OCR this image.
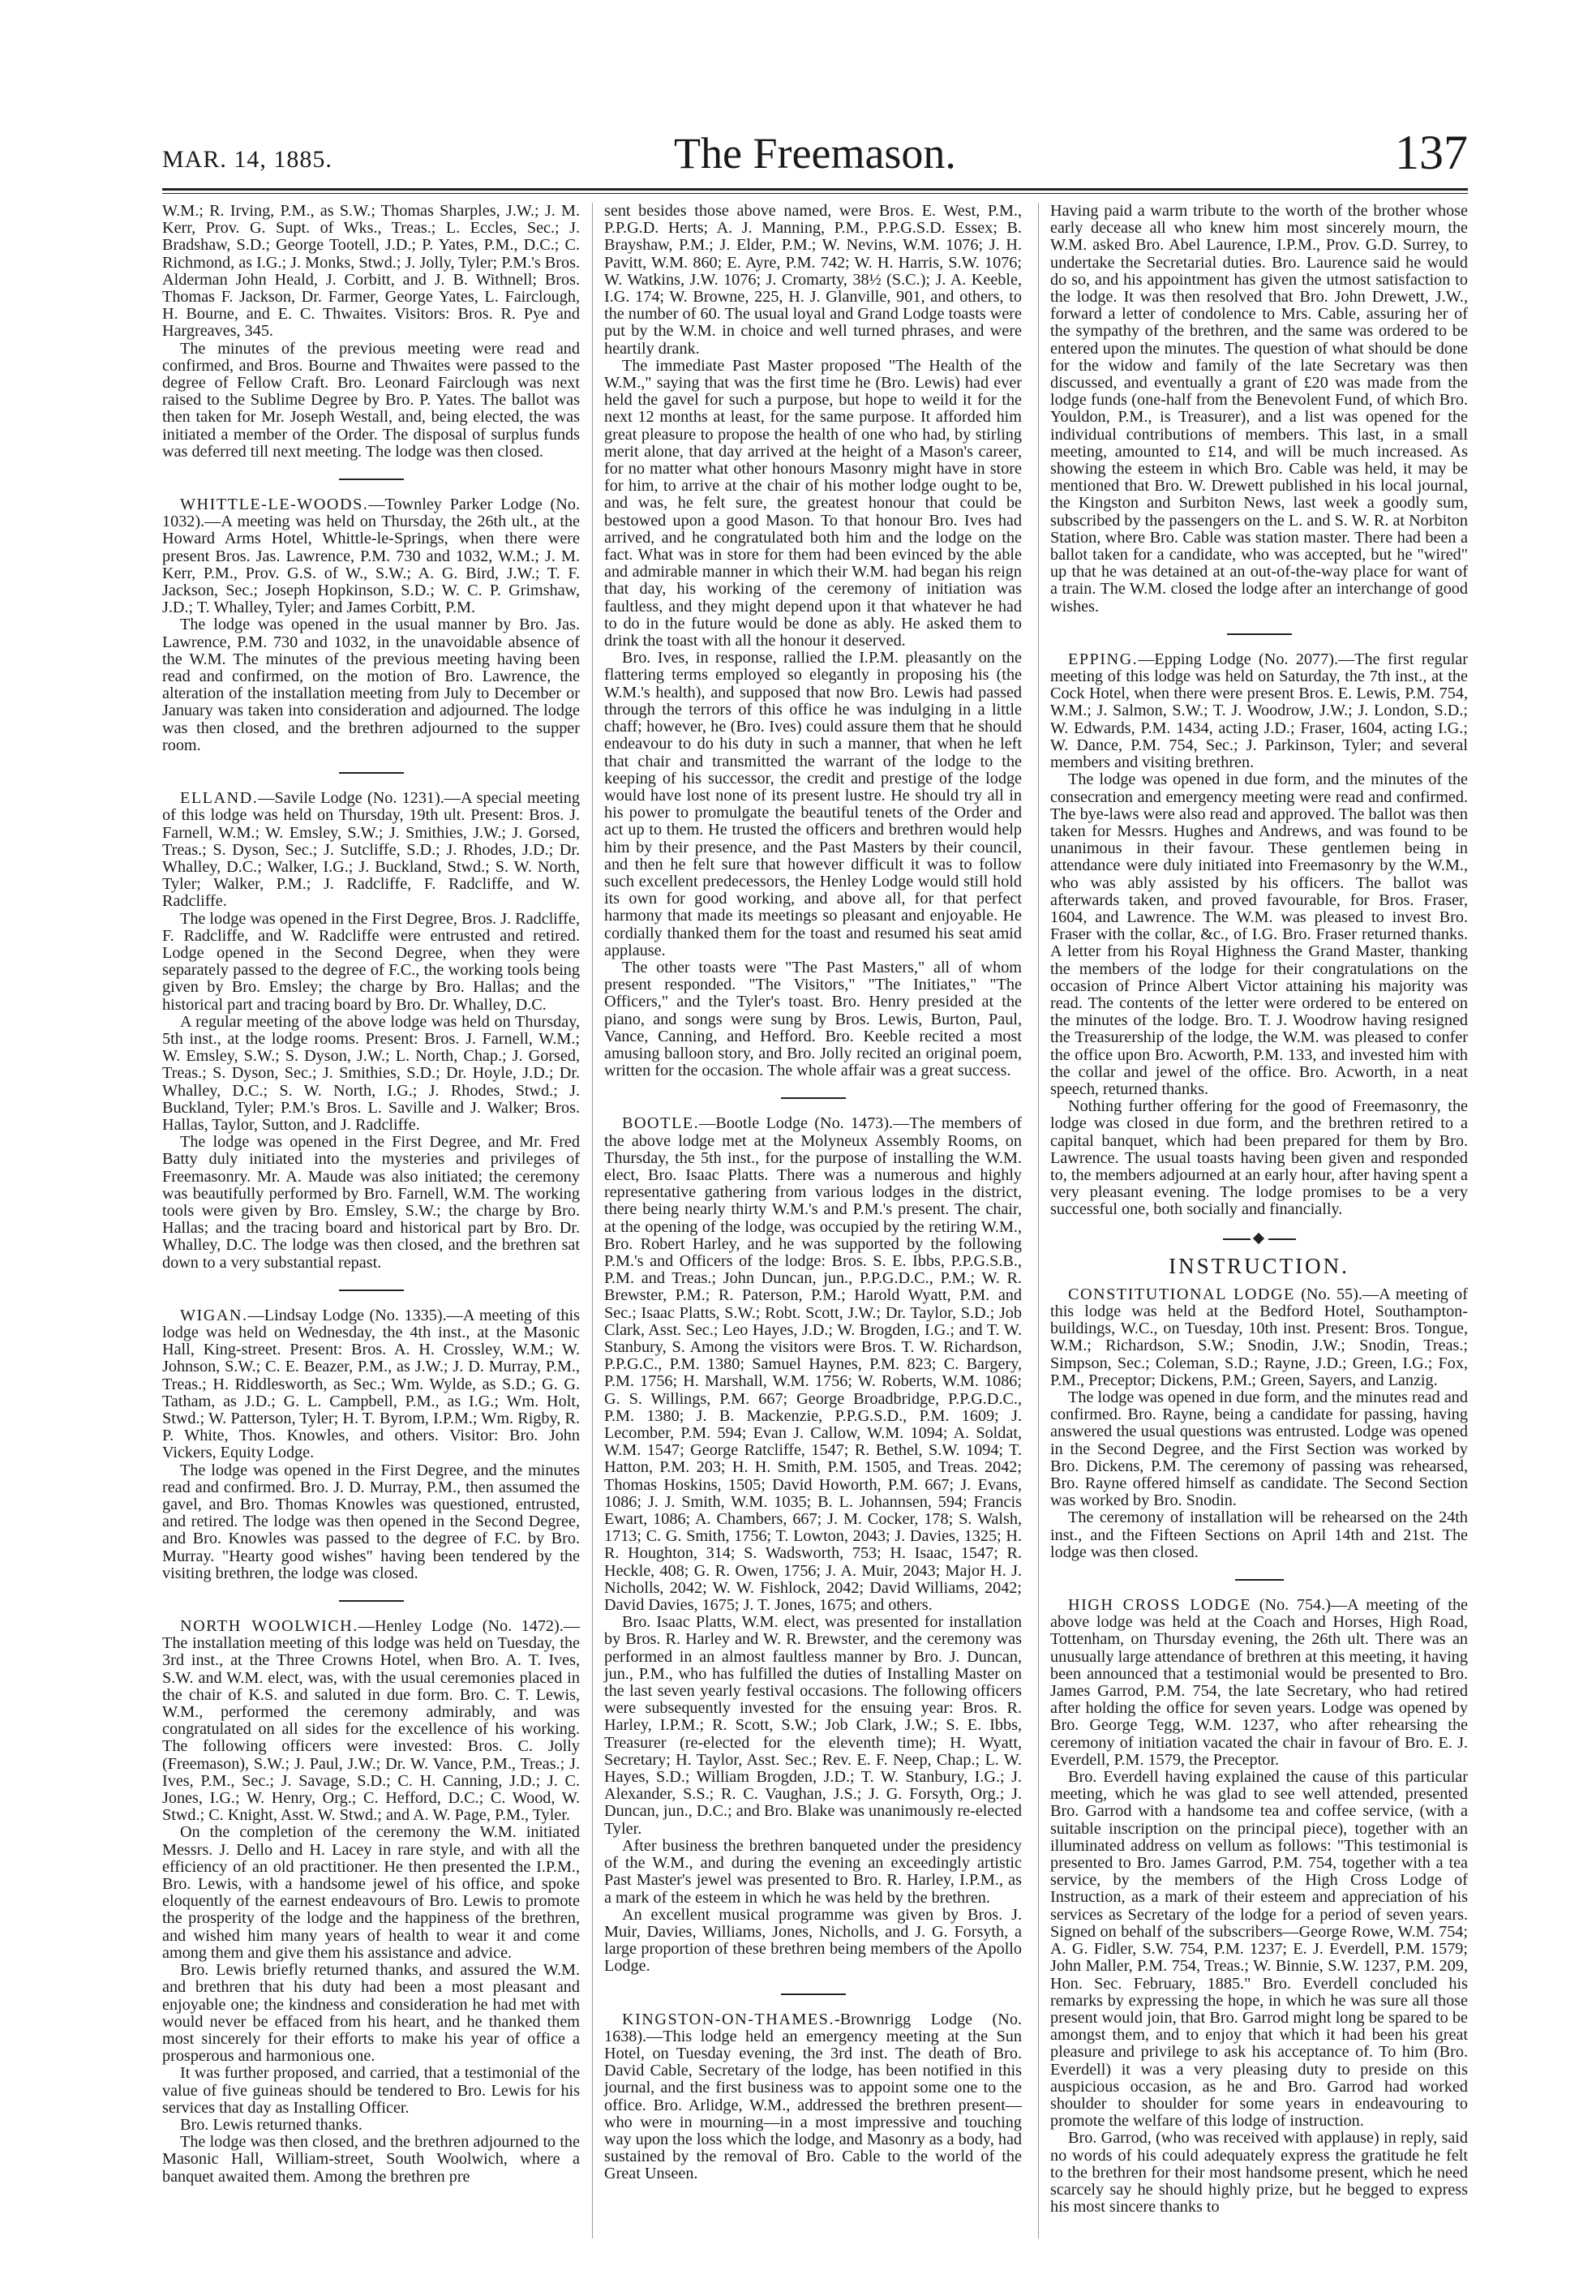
MAR. 14, 1885.	The Freemason.	137

W.M.; R. Irving, P.M., as S.W.; Thomas Sharples, J.W.; J. M. Kerr, Prov. G. Supt. of Wks., Treas.; L. Eccles, Sec.; J. Bradshaw, S.D.; George Tootell, J.D.; P. Yates, P.M., D.C.; C. Richmond, as I.G.; J. Monks, Stwd.; J. Jolly, Tyler; P.M.'s Bros. Alderman John Heald, J. Corbitt, and J. B. Withnell; Bros. Thomas F. Jackson, Dr. Farmer, George Yates, L. Fairclough, H. Bourne, and E. C. Thwaites. Visitors: Bros. R. Pye and Hargreaves, 345.

The minutes of the previous meeting were read and confirmed, and Bros. Bourne and Thwaites were passed to the degree of Fellow Craft. Bro. Leonard Fairclough was next raised to the Sublime Degree by Bro. P. Yates. The ballot was then taken for Mr. Joseph Westall, and, being elected, the was initiated a member of the Order. The disposal of surplus funds was deferred till next meeting. The lodge was then closed.

WHITTLE-LE-WOODS.—Townley Parker Lodge (No. 1032).—A meeting was held on Thursday, the 26th ult., at the Howard Arms Hotel, Whittle-le-Springs, when there were present Bros. Jas. Lawrence, P.M. 730 and 1032, W.M.; J. M. Kerr, P.M., Prov. G.S. of W., S.W.; A. G. Bird, J.W.; T. F. Jackson, Sec.; Joseph Hopkinson, S.D.; W. C. P. Grimshaw, J.D.; T. Whalley, Tyler; and James Corbitt, P.M.

The lodge was opened in the usual manner by Bro. Jas. Lawrence, P.M. 730 and 1032, in the unavoidable absence of the W.M. The minutes of the previous meeting having been read and confirmed, on the motion of Bro. Lawrence, the alteration of the installation meeting from July to December or January was taken into consideration and adjourned. The lodge was then closed, and the brethren adjourned to the supper room.

ELLAND.—Savile Lodge (No. 1231).—A special meeting of this lodge was held on Thursday, 19th ult. Present: Bros. J. Farnell, W.M.; W. Emsley, S.W.; J. Smithies, J.W.; J. Gorsed, Treas.; S. Dyson, Sec.; J. Sutcliffe, S.D.; J. Rhodes, J.D.; Dr. Whalley, D.C.; Walker, I.G.; J. Buckland, Stwd.; S. W. North, Tyler; Walker, P.M.; J. Radcliffe, F. Radcliffe, and W. Radcliffe.

The lodge was opened in the First Degree, Bros. J. Radcliffe, F. Radcliffe, and W. Radcliffe were entrusted and retired. Lodge opened in the Second Degree, when they were separately passed to the degree of F.C., the working tools being given by Bro. Emsley; the charge by Bro. Hallas; and the historical part and tracing board by Bro. Dr. Whalley, D.C.

A regular meeting of the above lodge was held on Thursday, 5th inst., at the lodge rooms. Present: Bros. J. Farnell, W.M.; W. Emsley, S.W.; S. Dyson, J.W.; L. North, Chap.; J. Gorsed, Treas.; S. Dyson, Sec.; J. Smithies, S.D.; Dr. Hoyle, J.D.; Dr. Whalley, D.C.; S. W. North, I.G.; J. Rhodes, Stwd.; J. Buckland, Tyler; P.M.'s Bros. L. Saville and J. Walker; Bros. Hallas, Taylor, Sutton, and J. Radcliffe.

The lodge was opened in the First Degree, and Mr. Fred Batty duly initiated into the mysteries and privileges of Freemasonry. Mr. A. Maude was also initiated; the ceremony was beautifully performed by Bro. Farnell, W.M. The working tools were given by Bro. Emsley, S.W.; the charge by Bro. Hallas; and the tracing board and historical part by Bro. Dr. Whalley, D.C. The lodge was then closed, and the brethren sat down to a very substantial repast.

WIGAN.—Lindsay Lodge (No. 1335).—A meeting of this lodge was held on Wednesday, the 4th inst., at the Masonic Hall, King-street. Present: Bros. A. H. Crossley, W.M.; W. Johnson, S.W.; C. E. Beazer, P.M., as J.W.; J. D. Murray, P.M., Treas.; H. Riddlesworth, as Sec.; Wm. Wylde, as S.D.; G. G. Tatham, as J.D.; G. L. Campbell, P.M., as I.G.; Wm. Holt, Stwd.; W. Patterson, Tyler; H. T. Byrom, I.P.M.; Wm. Rigby, R. P. White, Thos. Knowles, and others. Visitor: Bro. John Vickers, Equity Lodge.

The lodge was opened in the First Degree, and the minutes read and confirmed. Bro. J. D. Murray, P.M., then assumed the gavel, and Bro. Thomas Knowles was questioned, entrusted, and retired. The lodge was then opened in the Second Degree, and Bro. Knowles was passed to the degree of F.C. by Bro. Murray. "Hearty good wishes" having been tendered by the visiting brethren, the lodge was closed.

NORTH WOOLWICH.—Henley Lodge (No. 1472).—The installation meeting of this lodge was held on Tuesday, the 3rd inst., at the Three Crowns Hotel, when Bro. A. T. Ives, S.W. and W.M. elect, was, with the usual ceremonies placed in the chair of K.S. and saluted in due form. Bro. C. T. Lewis, W.M., performed the ceremony admirably, and was congratulated on all sides for the excellence of his working. The following officers were invested: Bros. C. Jolly (Freemason), S.W.; J. Paul, J.W.; Dr. W. Vance, P.M., Treas.; J. Ives, P.M., Sec.; J. Savage, S.D.; C. H. Canning, J.D.; J. C. Jones, I.G.; W. Henry, Org.; C. Hefford, D.C.; C. Wood, W. Stwd.; C. Knight, Asst. W. Stwd.; and A. W. Page, P.M., Tyler.

On the completion of the ceremony the W.M. initiated Messrs. J. Dello and H. Lacey in rare style, and with all the efficiency of an old practitioner. He then presented the I.P.M., Bro. Lewis, with a handsome jewel of his office, and spoke eloquently of the earnest endeavours of Bro. Lewis to promote the prosperity of the lodge and the happiness of the brethren, and wished him many years of health to wear it and come among them and give them his assistance and advice.

Bro. Lewis briefly returned thanks, and assured the W.M. and brethren that his duty had been a most pleasant and enjoyable one; the kindness and consideration he had met with would never be effaced from his heart, and he thanked them most sincerely for their efforts to make his year of office a prosperous and harmonious one.

It was further proposed, and carried, that a testimonial of the value of five guineas should be tendered to Bro. Lewis for his services that day as Installing Officer.

Bro. Lewis returned thanks.

The lodge was then closed, and the brethren adjourned to the Masonic Hall, William-street, South Woolwich, where a banquet awaited them. Among the brethren pre

sent besides those above named, were Bros. E. West, P.M., P.P.G.D. Herts; A. J. Manning, P.M., P.P.G.S.D. Essex; B. Brayshaw, P.M.; J. Elder, P.M.; W. Nevins, W.M. 1076; J. H. Pavitt, W.M. 860; E. Ayre, P.M. 742; W. H. Harris, S.W. 1076; W. Watkins, J.W. 1076; J. Cromarty, 38½ (S.C.); J. A. Keeble, I.G. 174; W. Browne, 225, H. J. Glanville, 901, and others, to the number of 60. The usual loyal and Grand Lodge toasts were put by the W.M. in choice and well turned phrases, and were heartily drank.

The immediate Past Master proposed "The Health of the W.M.," saying that was the first time he (Bro. Lewis) had ever held the gavel for such a purpose, but hope to weild it for the next 12 months at least, for the same purpose. It afforded him great pleasure to propose the health of one who had, by stirling merit alone, that day arrived at the height of a Mason's career, for no matter what other honours Masonry might have in store for him, to arrive at the chair of his mother lodge ought to be, and was, he felt sure, the greatest honour that could be bestowed upon a good Mason. To that honour Bro. Ives had arrived, and he congratulated both him and the lodge on the fact. What was in store for them had been evinced by the able and admirable manner in which their W.M. had began his reign that day, his working of the ceremony of initiation was faultless, and they might depend upon it that whatever he had to do in the future would be done as ably. He asked them to drink the toast with all the honour it deserved.

Bro. Ives, in response, rallied the I.P.M. pleasantly on the flattering terms employed so elegantly in proposing his (the W.M.'s health), and supposed that now Bro. Lewis had passed through the terrors of this office he was indulging in a little chaff; however, he (Bro. Ives) could assure them that he should endeavour to do his duty in such a manner, that when he left that chair and transmitted the warrant of the lodge to the keeping of his successor, the credit and prestige of the lodge would have lost none of its present lustre. He should try all in his power to promulgate the beautiful tenets of the Order and act up to them. He trusted the officers and brethren would help him by their presence, and the Past Masters by their council, and then he felt sure that however difficult it was to follow such excellent predecessors, the Henley Lodge would still hold its own for good working, and above all, for that perfect harmony that made its meetings so pleasant and enjoyable. He cordially thanked them for the toast and resumed his seat amid applause.

The other toasts were "The Past Masters," all of whom present responded. "The Visitors," "The Initiates," "The Officers," and the Tyler's toast. Bro. Henry presided at the piano, and songs were sung by Bros. Lewis, Burton, Paul, Vance, Canning, and Hefford. Bro. Keeble recited a most amusing balloon story, and Bro. Jolly recited an original poem, written for the occasion. The whole affair was a great success.

BOOTLE.—Bootle Lodge (No. 1473).—The members of the above lodge met at the Molyneux Assembly Rooms, on Thursday, the 5th inst., for the purpose of installing the W.M. elect, Bro. Isaac Platts. There was a numerous and highly representative gathering from various lodges in the district, there being nearly thirty W.M.'s and P.M.'s present. The chair, at the opening of the lodge, was occupied by the retiring W.M., Bro. Robert Harley, and he was supported by the following P.M.'s and Officers of the lodge: Bros. S. E. Ibbs, P.P.G.S.B., P.M. and Treas.; John Duncan, jun., P.P.G.D.C., P.M.; W. R. Brewster, P.M.; R. Paterson, P.M.; Harold Wyatt, P.M. and Sec.; Isaac Platts, S.W.; Robt. Scott, J.W.; Dr. Taylor, S.D.; Job Clark, Asst. Sec.; Leo Hayes, J.D.; W. Brogden, I.G.; and T. W. Stanbury, S. Among the visitors were Bros. T. W. Richardson, P.P.G.C., P.M. 1380; Samuel Haynes, P.M. 823; C. Bargery, P.M. 1756; H. Marshall, W.M. 1756; W. Roberts, W.M. 1086; G. S. Willings, P.M. 667; George Broadbridge, P.P.G.D.C., P.M. 1380; J. B. Mackenzie, P.P.G.S.D., P.M. 1609; J. Lecomber, P.M. 594; Evan J. Callow, W.M. 1094; A. Soldat, W.M. 1547; George Ratcliffe, 1547; R. Bethel, S.W. 1094; T. Hatton, P.M. 203; H. H. Smith, P.M. 1505, and Treas. 2042; Thomas Hoskins, 1505; David Howorth, P.M. 667; J. Evans, 1086; J. J. Smith, W.M. 1035; B. L. Johannsen, 594; Francis Ewart, 1086; A. Chambers, 667; J. M. Cocker, 178; S. Walsh, 1713; C. G. Smith, 1756; T. Lowton, 2043; J. Davies, 1325; H. R. Houghton, 314; S. Wadsworth, 753; H. Isaac, 1547; R. Heckle, 408; G. R. Owen, 1756; J. A. Muir, 2043; Major H. J. Nicholls, 2042; W. W. Fishlock, 2042; David Williams, 2042; David Davies, 1675; J. T. Jones, 1675; and others.

Bro. Isaac Platts, W.M. elect, was presented for installation by Bros. R. Harley and W. R. Brewster, and the ceremony was performed in an almost faultless manner by Bro. J. Duncan, jun., P.M., who has fulfilled the duties of Installing Master on the last seven yearly festival occasions. The following officers were subsequently invested for the ensuing year: Bros. R. Harley, I.P.M.; R. Scott, S.W.; Job Clark, J.W.; S. E. Ibbs, Treasurer (re-elected for the eleventh time); H. Wyatt, Secretary; H. Taylor, Asst. Sec.; Rev. E. F. Neep, Chap.; L. W. Hayes, S.D.; William Brogden, J.D.; T. W. Stanbury, I.G.; J. Alexander, S.S.; R. C. Vaughan, J.S.; J. G. Forsyth, Org.; J. Duncan, jun., D.C.; and Bro. Blake was unanimously re-elected Tyler.

After business the brethren banqueted under the presidency of the W.M., and during the evening an exceedingly artistic Past Master's jewel was presented to Bro. R. Harley, I.P.M., as a mark of the esteem in which he was held by the brethren.

An excellent musical programme was given by Bros. J. Muir, Davies, Williams, Jones, Nicholls, and J. G. Forsyth, a large proportion of these brethren being members of the Apollo Lodge.

KINGSTON-ON-THAMES.-Brownrigg Lodge (No. 1638).—This lodge held an emergency meeting at the Sun Hotel, on Tuesday evening, the 3rd inst. The death of Bro. David Cable, Secretary of the lodge, has been notified in this journal, and the first business was to appoint some one to the office. Bro. Arlidge, W.M., addressed the brethren present—who were in mourning—in a most impressive and touching way upon the loss which the lodge, and Masonry as a body, had sustained by the removal of Bro. Cable to the world of the Great Unseen.

Having paid a warm tribute to the worth of the brother whose early decease all who knew him most sincerely mourn, the W.M. asked Bro. Abel Laurence, I.P.M., Prov. G.D. Surrey, to undertake the Secretarial duties. Bro. Laurence said he would do so, and his appointment has given the utmost satisfaction to the lodge. It was then resolved that Bro. John Drewett, J.W., forward a letter of condolence to Mrs. Cable, assuring her of the sympathy of the brethren, and the same was ordered to be entered upon the minutes. The question of what should be done for the widow and family of the late Secretary was then discussed, and eventually a grant of £20 was made from the lodge funds (one-half from the Benevolent Fund, of which Bro. Youldon, P.M., is Treasurer), and a list was opened for the individual contributions of members. This last, in a small meeting, amounted to £14, and will be much increased. As showing the esteem in which Bro. Cable was held, it may be mentioned that Bro. W. Drewett published in his local journal, the Kingston and Surbiton News, last week a goodly sum, subscribed by the passengers on the L. and S. W. R. at Norbiton Station, where Bro. Cable was station master. There had been a ballot taken for a candidate, who was accepted, but he "wired" up that he was detained at an out-of-the-way place for want of a train. The W.M. closed the lodge after an interchange of good wishes.

EPPING.—Epping Lodge (No. 2077).—The first regular meeting of this lodge was held on Saturday, the 7th inst., at the Cock Hotel, when there were present Bros. E. Lewis, P.M. 754, W.M.; J. Salmon, S.W.; T. J. Woodrow, J.W.; J. London, S.D.; W. Edwards, P.M. 1434, acting J.D.; Fraser, 1604, acting I.G.; W. Dance, P.M. 754, Sec.; J. Parkinson, Tyler; and several members and visiting brethren.

The lodge was opened in due form, and the minutes of the consecration and emergency meeting were read and confirmed. The bye-laws were also read and approved. The ballot was then taken for Messrs. Hughes and Andrews, and was found to be unanimous in their favour. These gentlemen being in attendance were duly initiated into Freemasonry by the W.M., who was ably assisted by his officers. The ballot was afterwards taken, and proved favourable, for Bros. Fraser, 1604, and Lawrence. The W.M. was pleased to invest Bro. Fraser with the collar, &c., of I.G. Bro. Fraser returned thanks. A letter from his Royal Highness the Grand Master, thanking the members of the lodge for their congratulations on the occasion of Prince Albert Victor attaining his majority was read. The contents of the letter were ordered to be entered on the minutes of the lodge. Bro. T. J. Woodrow having resigned the Treasurership of the lodge, the W.M. was pleased to confer the office upon Bro. Acworth, P.M. 133, and invested him with the collar and jewel of the office. Bro. Acworth, in a neat speech, returned thanks.

Nothing further offering for the good of Freemasonry, the lodge was closed in due form, and the brethren retired to a capital banquet, which had been prepared for them by Bro. Lawrence. The usual toasts having been given and responded to, the members adjourned at an early hour, after having spent a very pleasant evening. The lodge promises to be a very successful one, both socially and financially.

INSTRUCTION.

CONSTITUTIONAL LODGE (No. 55).—A meeting of this lodge was held at the Bedford Hotel, Southampton-buildings, W.C., on Tuesday, 10th inst. Present: Bros. Tongue, W.M.; Richardson, S.W.; Snodin, J.W.; Snodin, Treas.; Simpson, Sec.; Coleman, S.D.; Rayne, J.D.; Green, I.G.; Fox, P.M., Preceptor; Dickens, P.M.; Green, Sayers, and Lanzig.

The lodge was opened in due form, and the minutes read and confirmed. Bro. Rayne, being a candidate for passing, having answered the usual questions was entrusted. Lodge was opened in the Second Degree, and the First Section was worked by Bro. Dickens, P.M. The ceremony of passing was rehearsed, Bro. Rayne offered himself as candidate. The Second Section was worked by Bro. Snodin.

The ceremony of installation will be rehearsed on the 24th inst., and the Fifteen Sections on April 14th and 21st. The lodge was then closed.

HIGH CROSS LODGE (No. 754.)—A meeting of the above lodge was held at the Coach and Horses, High Road, Tottenham, on Thursday evening, the 26th ult. There was an unusually large attendance of brethren at this meeting, it having been announced that a testimonial would be presented to Bro. James Garrod, P.M. 754, the late Secretary, who had retired after holding the office for seven years. Lodge was opened by Bro. George Tegg, W.M. 1237, who after rehearsing the ceremony of initiation vacated the chair in favour of Bro. E. J. Everdell, P.M. 1579, the Preceptor.

Bro. Everdell having explained the cause of this particular meeting, which he was glad to see well attended, presented Bro. Garrod with a handsome tea and coffee service, (with a suitable inscription on the principal piece), together with an illuminated address on vellum as follows: "This testimonial is presented to Bro. James Garrod, P.M. 754, together with a tea service, by the members of the High Cross Lodge of Instruction, as a mark of their esteem and appreciation of his services as Secretary of the lodge for a period of seven years. Signed on behalf of the subscribers—George Rowe, W.M. 754; A. G. Fidler, S.W. 754, P.M. 1237; E. J. Everdell, P.M. 1579; John Maller, P.M. 754, Treas.; W. Binnie, S.W. 1237, P.M. 209, Hon. Sec. February, 1885." Bro. Everdell concluded his remarks by expressing the hope, in which he was sure all those present would join, that Bro. Garrod might long be spared to be amongst them, and to enjoy that which it had been his great pleasure and privilege to ask his acceptance of. To him (Bro. Everdell) it was a very pleasing duty to preside on this auspicious occasion, as he and Bro. Garrod had worked shoulder to shoulder for some years in endeavouring to promote the welfare of this lodge of instruction.

Bro. Garrod, (who was received with applause) in reply, said no words of his could adequately express the gratitude he felt to the brethren for their most handsome present, which he need scarcely say he should highly prize, but he begged to express his most sincere thanks to
